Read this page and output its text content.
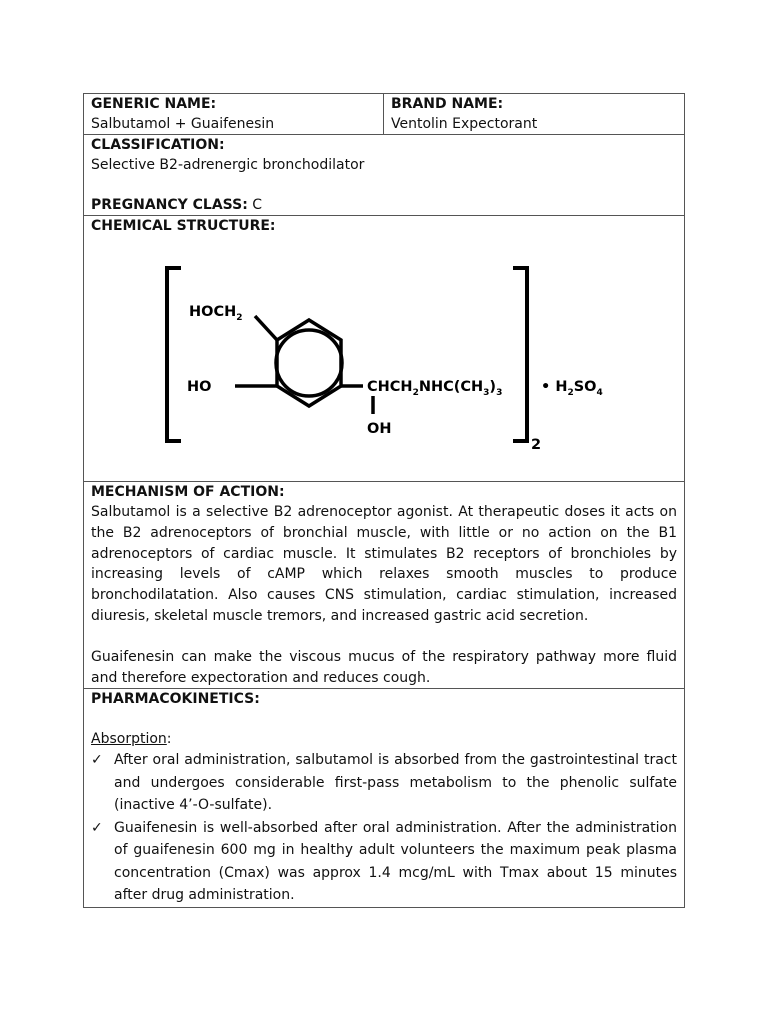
GENERIC NAME:
Salbutamol + Guaifenesin
BRAND NAME:
Ventolin Expectorant
CLASSIFICATION:
Selective B2-adrenergic bronchodilator
PREGNANCY CLASS: C
CHEMICAL STRUCTURE:
$HOCH_2$
HO	$CHCH_2NHC(CH_3)_3$
OH
• $H_2SO_4$
2
MECHANISM OF ACTION:
Salbutamol is a selective B2 adrenoceptor agonist. At therapeutic doses it acts on the B2 adrenoceptors of bronchial muscle, with little or no action on the B1 adrenoceptors of cardiac muscle. It stimulates B2 receptors of bronchioles by increasing levels of cAMP which relaxes smooth muscles to produce bronchodilatation. Also causes CNS stimulation, cardiac stimulation, increased diuresis, skeletal muscle tremors, and increased gastric acid secretion.
Guaifenesin can make the viscous mucus of the respiratory pathway more fluid and therefore expectoration and reduces cough.
PHARMACOKINETICS:
Absorption:
✓ After oral administration, salbutamol is absorbed from the gastrointestinal tract and undergoes considerable first-pass metabolism to the phenolic sulfate (inactive 4’-O-sulfate).
✓ Guaifenesin is well-absorbed after oral administration. After the administration of guaifenesin 600 mg in healthy adult volunteers the maximum peak plasma concentration (Cmax) was approx 1.4 mcg/mL with Tmax about 15 minutes after drug administration.
